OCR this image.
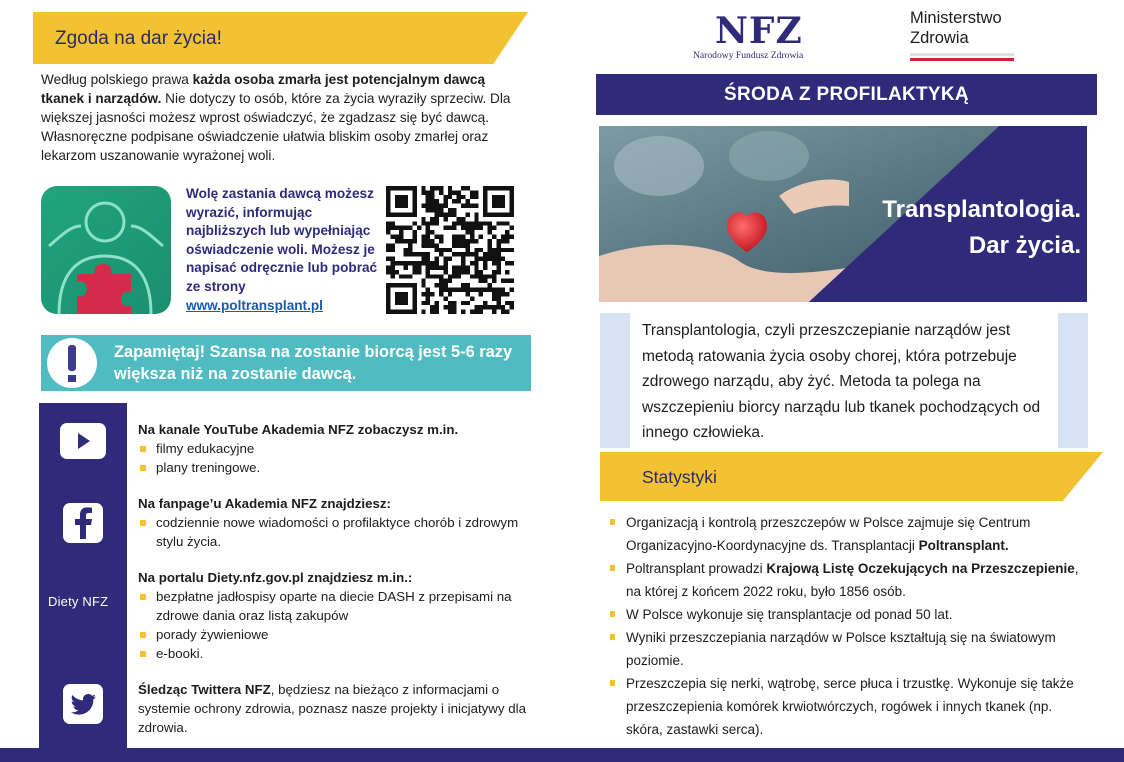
Zgoda na dar życia!
Według polskiego prawa każda osoba zmarła jest potencjalnym dawcą tkanek i narządów. Nie dotyczy to osób, które za życia wyraziły sprzeciw. Dla większej jasności możesz wprost oświadczyć, że zgadzasz się być dawcą. Własnoręczne podpisane oświadczenie ułatwia bliskim osoby zmarłej oraz lekarzom uszanowanie wyrażonej woli.
Wolę zastania dawcą możesz wyrazić, informując najbliższych lub wypełniając oświadczenie woli. Możesz je napisać odręcznie lub pobrać ze strony
www.poltransplant.pl
Zapamiętaj! Szansa na zostanie biorcą jest 5-6 razy większa niż na zostanie dawcą.
Diety NFZ
Na kanale YouTube Akademia NFZ zobaczysz m.in.
filmy edukacyjne
plany treningowe.
Na fanpage’u Akademia NFZ znajdziesz:
codziennie nowe wiadomości o profilaktyce chorób i zdrowym stylu życia.
Na portalu Diety.nfz.gov.pl znajdziesz m.in.:
bezpłatne jadłospisy oparte na diecie DASH z przepisami na zdrowe dania oraz listą zakupów
porady żywieniowe
e-booki.
Śledząc Twittera NFZ, będziesz na bieżąco z informacjami o systemie ochrony zdrowia, poznasz nasze projekty i inicjatywy dla zdrowia.
NFZ
Narodowy Fundusz Zdrowia
Ministerstwo
Zdrowia
ŚRODA Z PROFILAKTYKĄ
Transplantologia.
Dar życia.
Transplantologia, czyli przeszczepianie narządów jest metodą ratowania życia osoby chorej, która potrzebuje zdrowego narządu, aby żyć. Metoda ta polega na wszczepieniu biorcy narządu lub tkanek pochodzących od innego człowieka.
Statystyki
Organizacją i kontrolą przeszczepów w Polsce zajmuje się Centrum Organizacyjno-Koordynacyjne ds. Transplantacji Poltransplant.
Poltransplant prowadzi Krajową Listę Oczekujących na Przeszczepienie, na której z końcem 2022 roku, było 1856 osób.
W Polsce wykonuje się transplantacje od ponad 50 lat.
Wyniki przeszczepiania narządów w Polsce kształtują się na światowym poziomie.
Przeszczepia się nerki, wątrobę, serce płuca i trzustkę. Wykonuje się także przeszczepienia komórek krwiotwórczych, rogówek i innych tkanek (np. skóra, zastawki serca).
